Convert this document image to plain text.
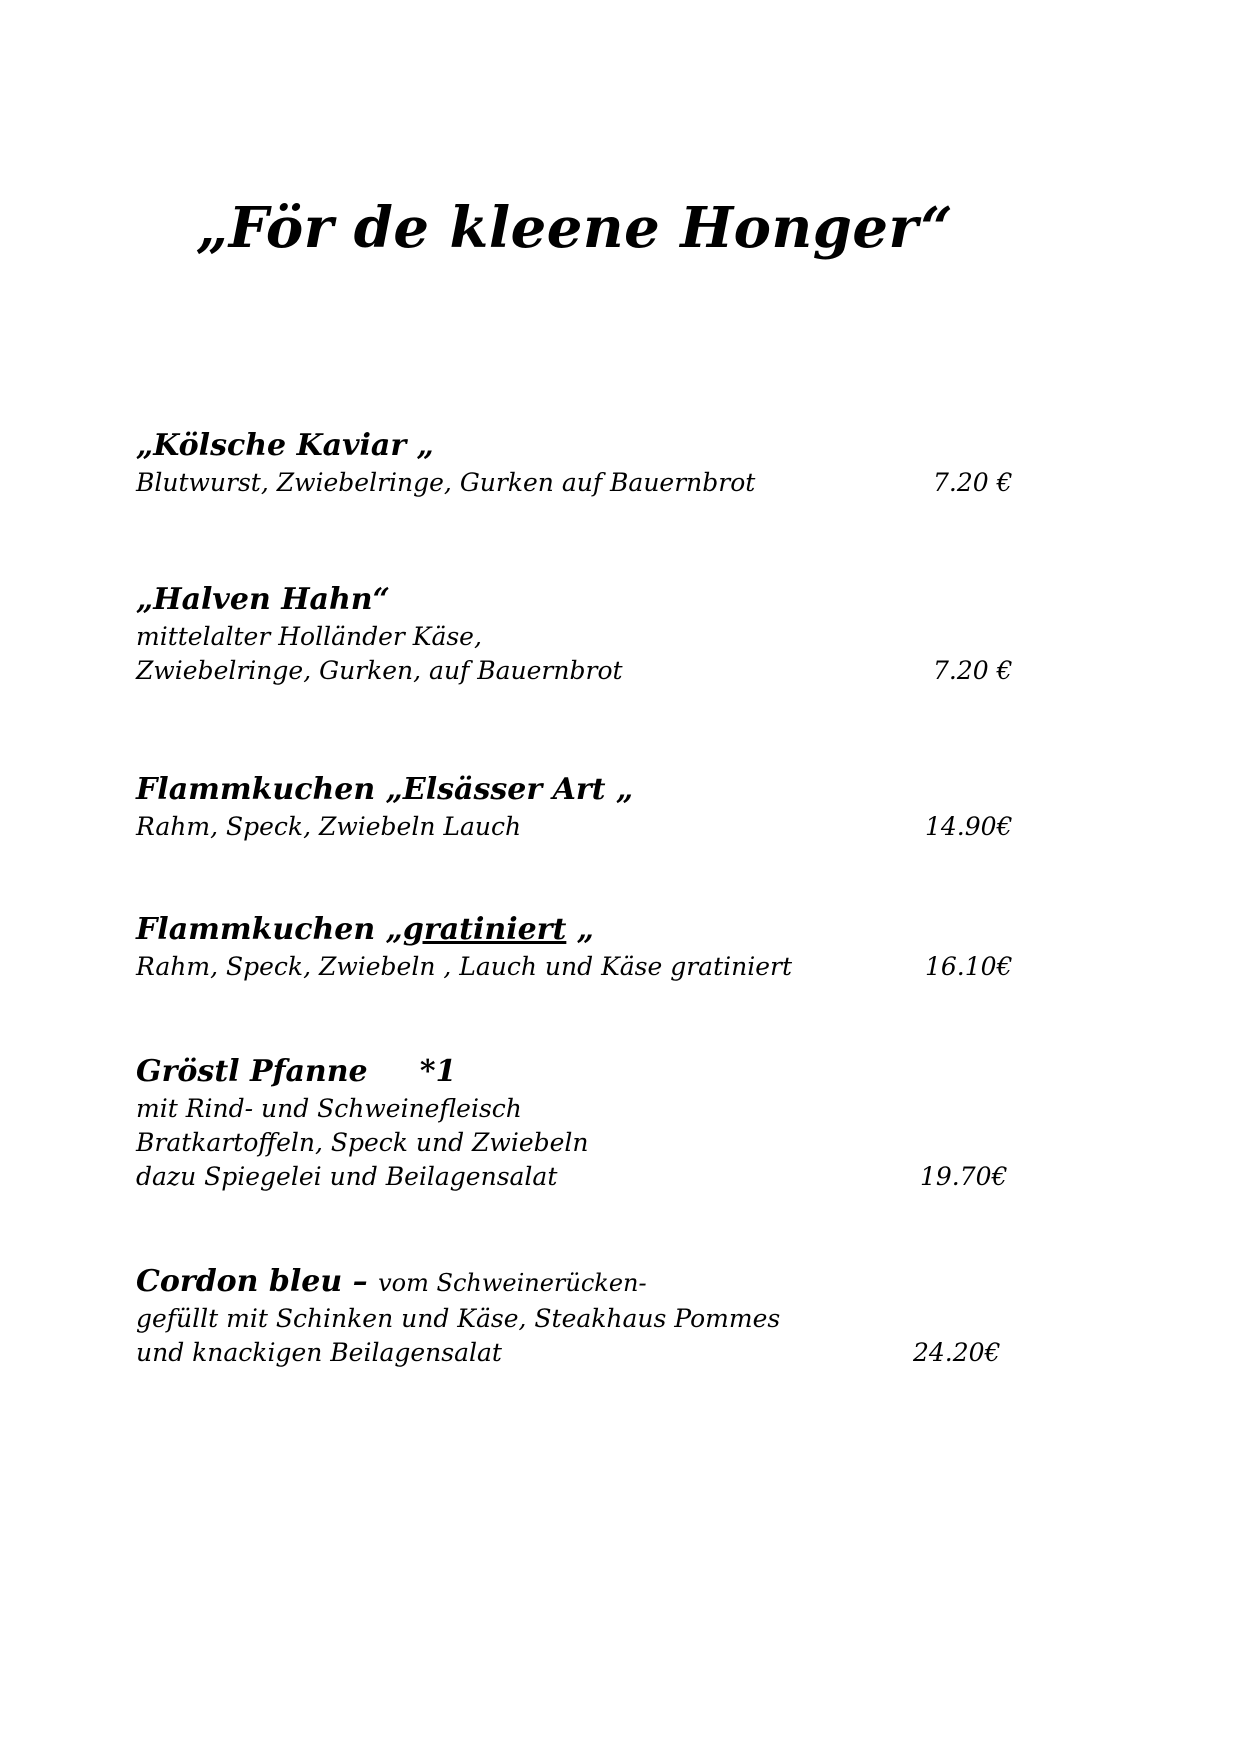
„För de kleene Honger“
„Kölsche Kaviar „
Blutwurst, Zwiebelringe, Gurken auf Bauernbrot	7.20 €
„Halven Hahn“
mittelalter Holländer Käse,
Zwiebelringe, Gurken, auf Bauernbrot	7.20 €
Flammkuchen „Elsässer Art „
Rahm, Speck, Zwiebeln Lauch	14.90€
Flammkuchen „gratiniert „
Rahm, Speck, Zwiebeln , Lauch und Käse gratiniert	16.10€
Gröstl Pfanne     *1
mit Rind- und Schweinefleisch
Bratkartoffeln, Speck und Zwiebeln
dazu Spiegelei und Beilagensalat	19.70€
Cordon bleu – vom Schweinerücken-
gefüllt mit Schinken und Käse, Steakhaus Pommes
und knackigen Beilagensalat	24.20€
